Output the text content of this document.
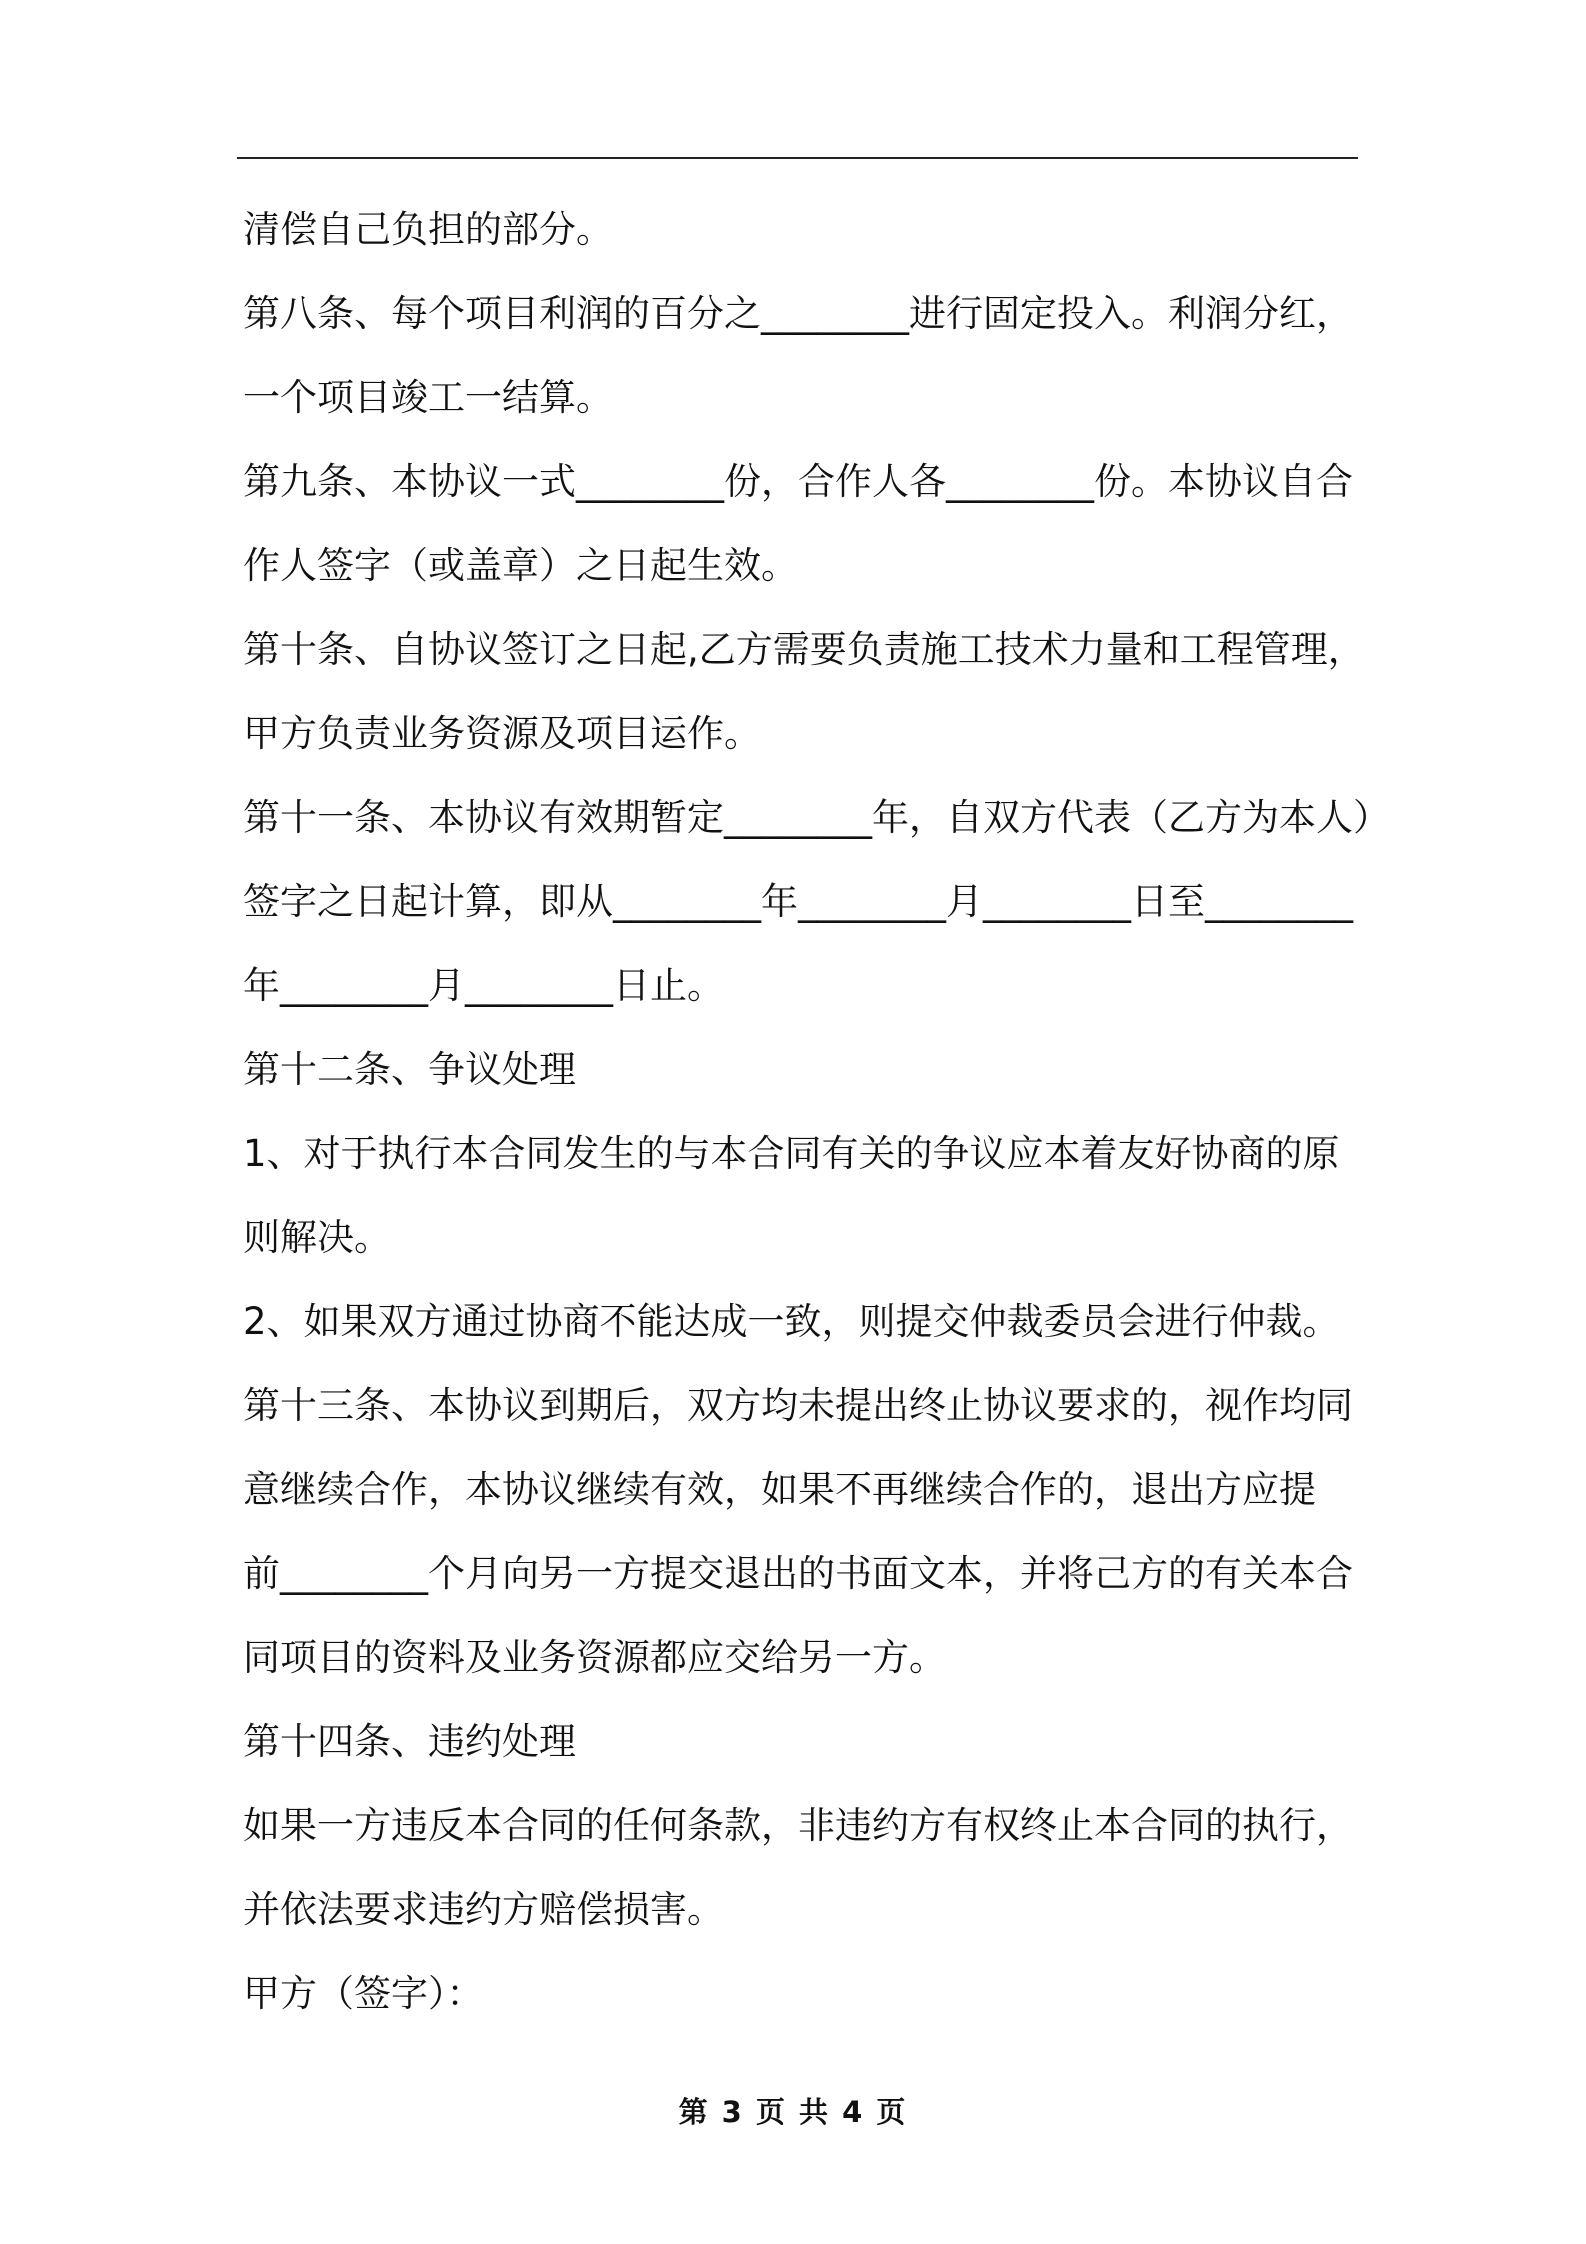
清偿自己负担的部分。
第八条、每个项目利润的百分之________进行固定投入。利润分红，
一个项目竣工一结算。
第九条、本协议一式________份，合作人各________份。本协议自合
作人签字（或盖章）之日起生效。
第十条、自协议签订之日起,乙方需要负责施工技术力量和工程管理，
甲方负责业务资源及项目运作。
第十一条、本协议有效期暂定________年，自双方代表（乙方为本人）
签字之日起计算，即从________年________月________日至________
年________月________日止。
第十二条、争议处理
1、对于执行本合同发生的与本合同有关的争议应本着友好协商的原
则解决。
2、如果双方通过协商不能达成一致，则提交仲裁委员会进行仲裁。
第十三条、本协议到期后，双方均未提出终止协议要求的，视作均同
意继续合作，本协议继续有效，如果不再继续合作的，退出方应提
前________个月向另一方提交退出的书面文本，并将己方的有关本合
同项目的资料及业务资源都应交给另一方。
第十四条、违约处理
如果一方违反本合同的任何条款，非违约方有权终止本合同的执行，
并依法要求违约方赔偿损害。
甲方（签字）：
第 3 页 共 4 页
